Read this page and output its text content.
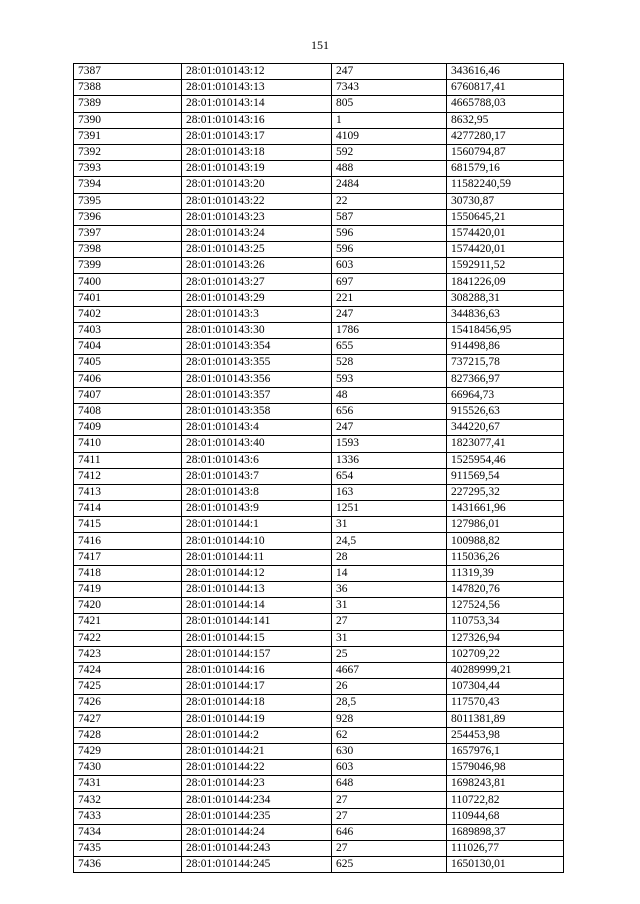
151
7387	28:01:010143:12	247	343616,46
7388	28:01:010143:13	7343	6760817,41
7389	28:01:010143:14	805	4665788,03
7390	28:01:010143:16	1	8632,95
7391	28:01:010143:17	4109	4277280,17
7392	28:01:010143:18	592	1560794,87
7393	28:01:010143:19	488	681579,16
7394	28:01:010143:20	2484	11582240,59
7395	28:01:010143:22	22	30730,87
7396	28:01:010143:23	587	1550645,21
7397	28:01:010143:24	596	1574420,01
7398	28:01:010143:25	596	1574420,01
7399	28:01:010143:26	603	1592911,52
7400	28:01:010143:27	697	1841226,09
7401	28:01:010143:29	221	308288,31
7402	28:01:010143:3	247	344836,63
7403	28:01:010143:30	1786	15418456,95
7404	28:01:010143:354	655	914498,86
7405	28:01:010143:355	528	737215,78
7406	28:01:010143:356	593	827366,97
7407	28:01:010143:357	48	66964,73
7408	28:01:010143:358	656	915526,63
7409	28:01:010143:4	247	344220,67
7410	28:01:010143:40	1593	1823077,41
7411	28:01:010143:6	1336	1525954,46
7412	28:01:010143:7	654	911569,54
7413	28:01:010143:8	163	227295,32
7414	28:01:010143:9	1251	1431661,96
7415	28:01:010144:1	31	127986,01
7416	28:01:010144:10	24,5	100988,82
7417	28:01:010144:11	28	115036,26
7418	28:01:010144:12	14	11319,39
7419	28:01:010144:13	36	147820,76
7420	28:01:010144:14	31	127524,56
7421	28:01:010144:141	27	110753,34
7422	28:01:010144:15	31	127326,94
7423	28:01:010144:157	25	102709,22
7424	28:01:010144:16	4667	40289999,21
7425	28:01:010144:17	26	107304,44
7426	28:01:010144:18	28,5	117570,43
7427	28:01:010144:19	928	8011381,89
7428	28:01:010144:2	62	254453,98
7429	28:01:010144:21	630	1657976,1
7430	28:01:010144:22	603	1579046,98
7431	28:01:010144:23	648	1698243,81
7432	28:01:010144:234	27	110722,82
7433	28:01:010144:235	27	110944,68
7434	28:01:010144:24	646	1689898,37
7435	28:01:010144:243	27	111026,77
7436	28:01:010144:245	625	1650130,01
